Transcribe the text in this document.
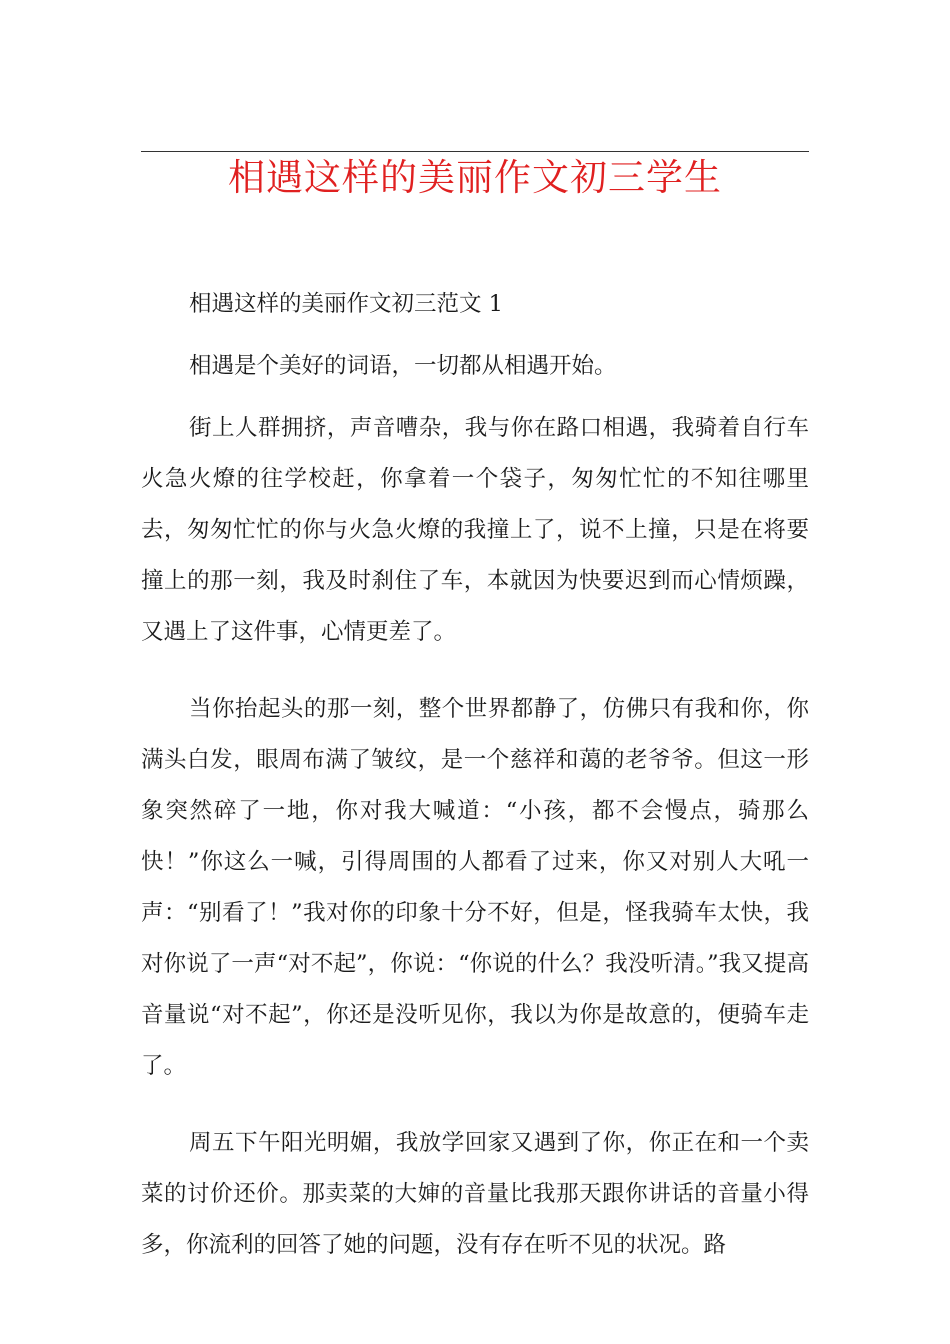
相遇这样的美丽作文初三学生

相遇这样的美丽作文初三范文 1

相遇是个美好的词语，一切都从相遇开始。

街上人群拥挤，声音嘈杂，我与你在路口相遇，我骑着自行车火急火燎的往学校赶，你拿着一个袋子，匆匆忙忙的不知往哪里去，匆匆忙忙的你与火急火燎的我撞上了，说不上撞，只是在将要撞上的那一刻，我及时刹住了车，本就因为快要迟到而心情烦躁，又遇上了这件事，心情更差了。

当你抬起头的那一刻，整个世界都静了，仿佛只有我和你，你满头白发，眼周布满了皱纹，是一个慈祥和蔼的老爷爷。但这一形象突然碎了一地，你对我大喊道：“小孩，都不会慢点，骑那么快！”你这么一喊，引得周围的人都看了过来，你又对别人大吼一声：“别看了！”我对你的印象十分不好，但是，怪我骑车太快，我对你说了一声“对不起”，你说：“你说的什么？我没听清。”我又提高音量说“对不起”，你还是没听见你，我以为你是故意的，便骑车走了。

周五下午阳光明媚，我放学回家又遇到了你，你正在和一个卖菜的讨价还价。那卖菜的大婶的音量比我那天跟你讲话的音量小得多，你流利的回答了她的问题，没有存在听不见的状况。路
